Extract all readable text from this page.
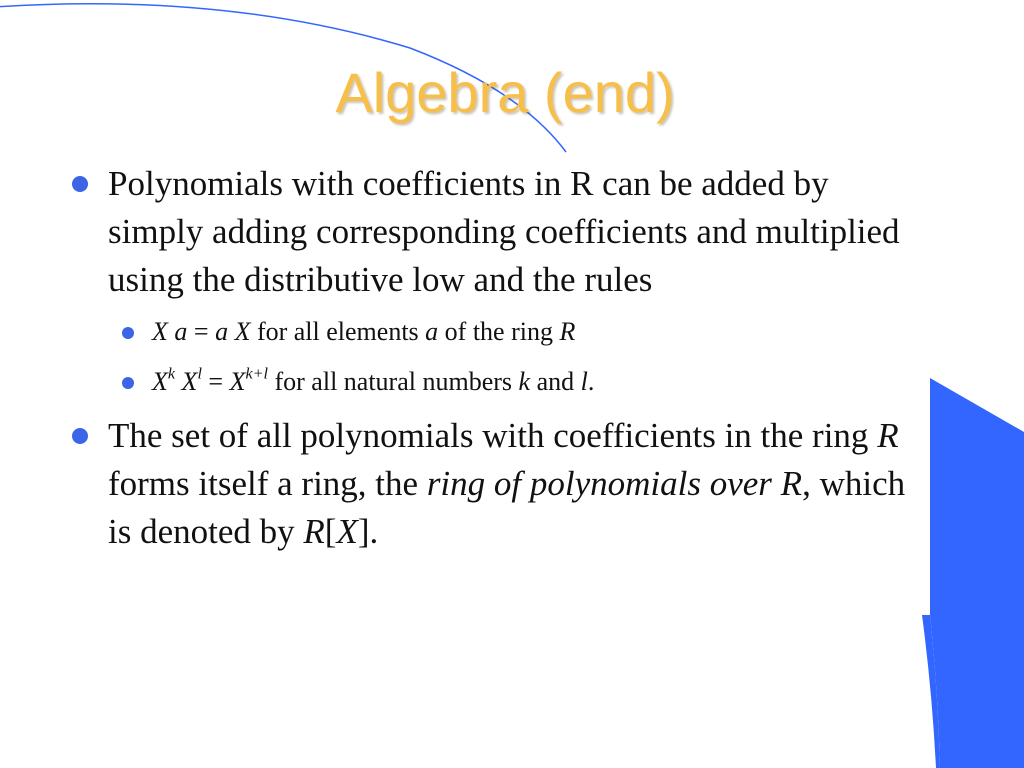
Algebra (end)
Polynomials with coefficients in R can be added by simply adding corresponding coefficients and multiplied using the distributive low and the rules
X a = a X for all elements a of the ring R
$X^k$ $X^l = X^{k+l}$ for all natural numbers k and l.
The set of all polynomials with coefficients in the ring R forms itself a ring, the ring of polynomials over R, which is denoted by R[X].
